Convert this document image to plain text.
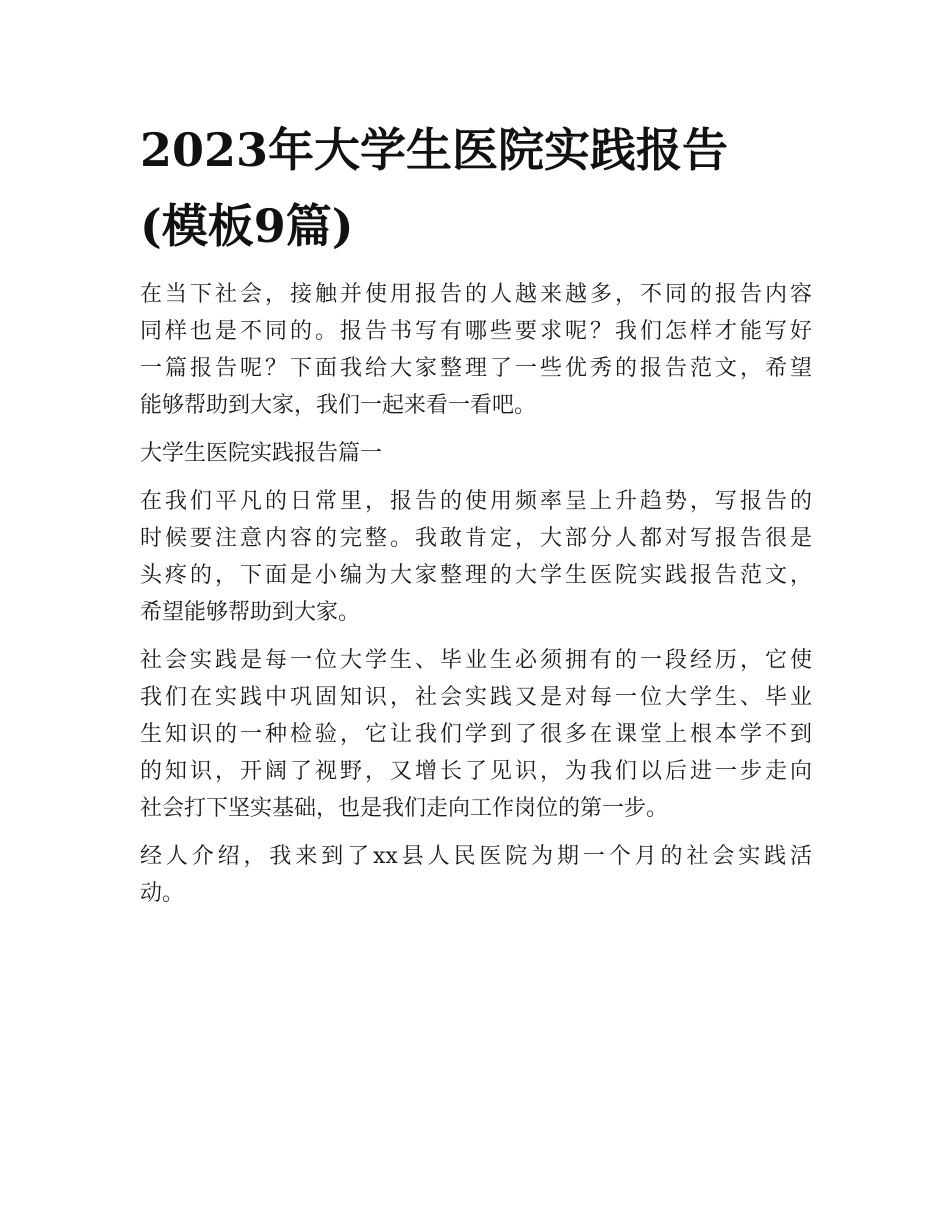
2023年大学生医院实践报告
(模板9篇)

在当下社会，接触并使用报告的人越来越多，不同的报告内容
同样也是不同的。报告书写有哪些要求呢？我们怎样才能写好
一篇报告呢？下面我给大家整理了一些优秀的报告范文，希望
能够帮助到大家，我们一起来看一看吧。

大学生医院实践报告篇一

在我们平凡的日常里，报告的使用频率呈上升趋势，写报告的
时候要注意内容的完整。我敢肯定，大部分人都对写报告很是
头疼的，下面是小编为大家整理的大学生医院实践报告范文，
希望能够帮助到大家。

社会实践是每一位大学生、毕业生必须拥有的一段经历，它使
我们在实践中巩固知识，社会实践又是对每一位大学生、毕业
生知识的一种检验，它让我们学到了很多在课堂上根本学不到
的知识，开阔了视野，又增长了见识，为我们以后进一步走向
社会打下坚实基础，也是我们走向工作岗位的第一步。

经人介绍，我来到了xx县人民医院为期一个月的社会实践活
动。
